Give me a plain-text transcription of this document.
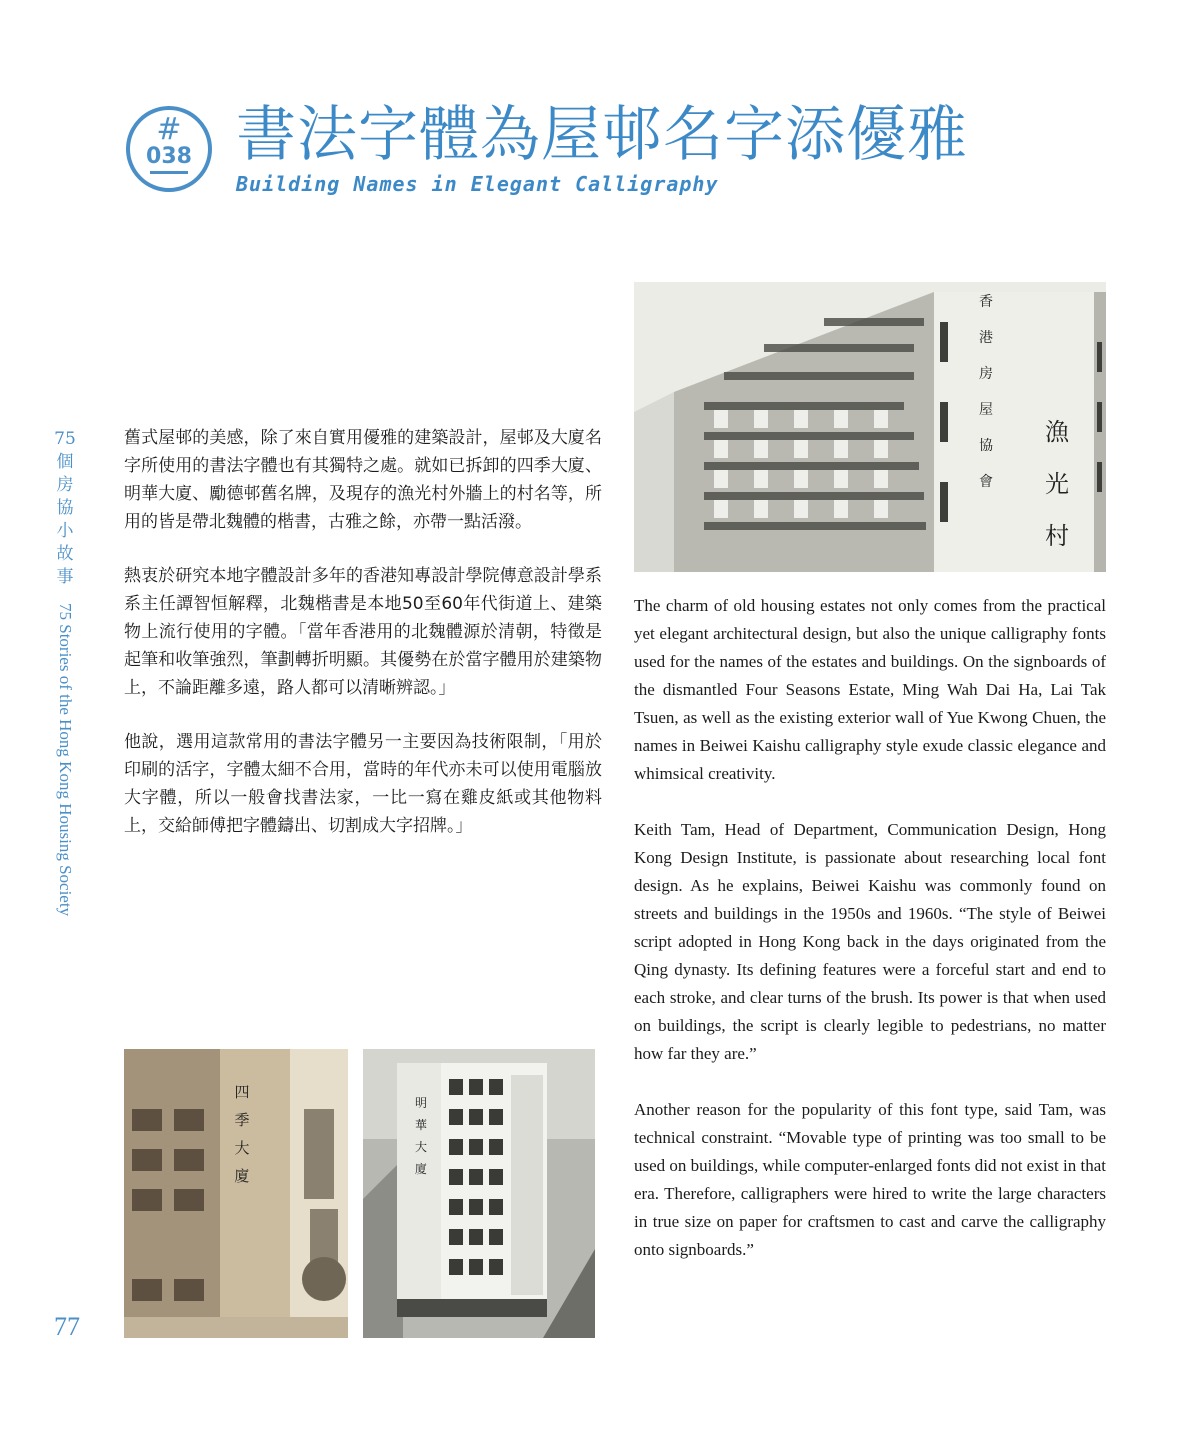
#
038 書法字體為屋邨名字添優雅
Building Names in Elegant Calligraphy
75
個
房
協
小
故
事
75 Stories of the Hong Kong Housing Society
77

舊式屋邨的美感，除了來自實用優雅的建築設計，屋邨及大廈名字所使用的書法字體也有其獨特之處。就如已拆卸的四季大廈、明華大廈、勵德邨舊名牌，及現存的漁光村外牆上的村名等，所用的皆是帶北魏體的楷書，古雅之餘，亦帶一點活潑。

熱衷於研究本地字體設計多年的香港知專設計學院傳意設計學系系主任譚智恒解釋，北魏楷書是本地50至60年代街道上、建築物上流行使用的字體。「當年香港用的北魏體源於清朝，特徵是起筆和收筆強烈，筆劃轉折明顯。其優勢在於當字體用於建築物上，不論距離多遠，路人都可以清晰辨認。」

他說，選用這款常用的書法字體另一主要因為技術限制，「用於印刷的活字，字體太細不合用，當時的年代亦未可以使用電腦放大字體，所以一般會找書法家，一比一寫在雞皮紙或其他物料上，交給師傅把字體鑄出、切割成大字招牌。」

The charm of old housing estates not only comes from the practical yet elegant architectural design, but also the unique calligraphy fonts used for the names of the estates and buildings. On the signboards of the dismantled Four Seasons Estate, Ming Wah Dai Ha, Lai Tak Tsuen, as well as the existing exterior wall of Yue Kwong Chuen, the names in Beiwei Kaishu calligraphy style exude classic elegance and whimsical creativity.

Keith Tam, Head of Department, Communication Design, Hong Kong Design Institute, is passionate about researching local font design. As he explains, Beiwei Kaishu was commonly found on streets and buildings in the 1950s and 1960s. “The style of Beiwei script adopted in Hong Kong back in the days originated from the Qing dynasty. Its defining features were a forceful start and end to each stroke, and clear turns of the brush. Its power is that when used on buildings, the script is clearly legible to pedestrians, no matter how far they are.”

Another reason for the popularity of this font type, said Tam, was technical constraint. “Movable type of printing was too small to be used on buildings, while computer-enlarged fonts did not exist in that era. Therefore, calligraphers were hired to write the large characters in true size on paper for craftsmen to cast and carve the calligraphy onto signboards.”

香
港
房
屋
協
會
漁
光
村
四
季
大
廈
明
華
大
廈
